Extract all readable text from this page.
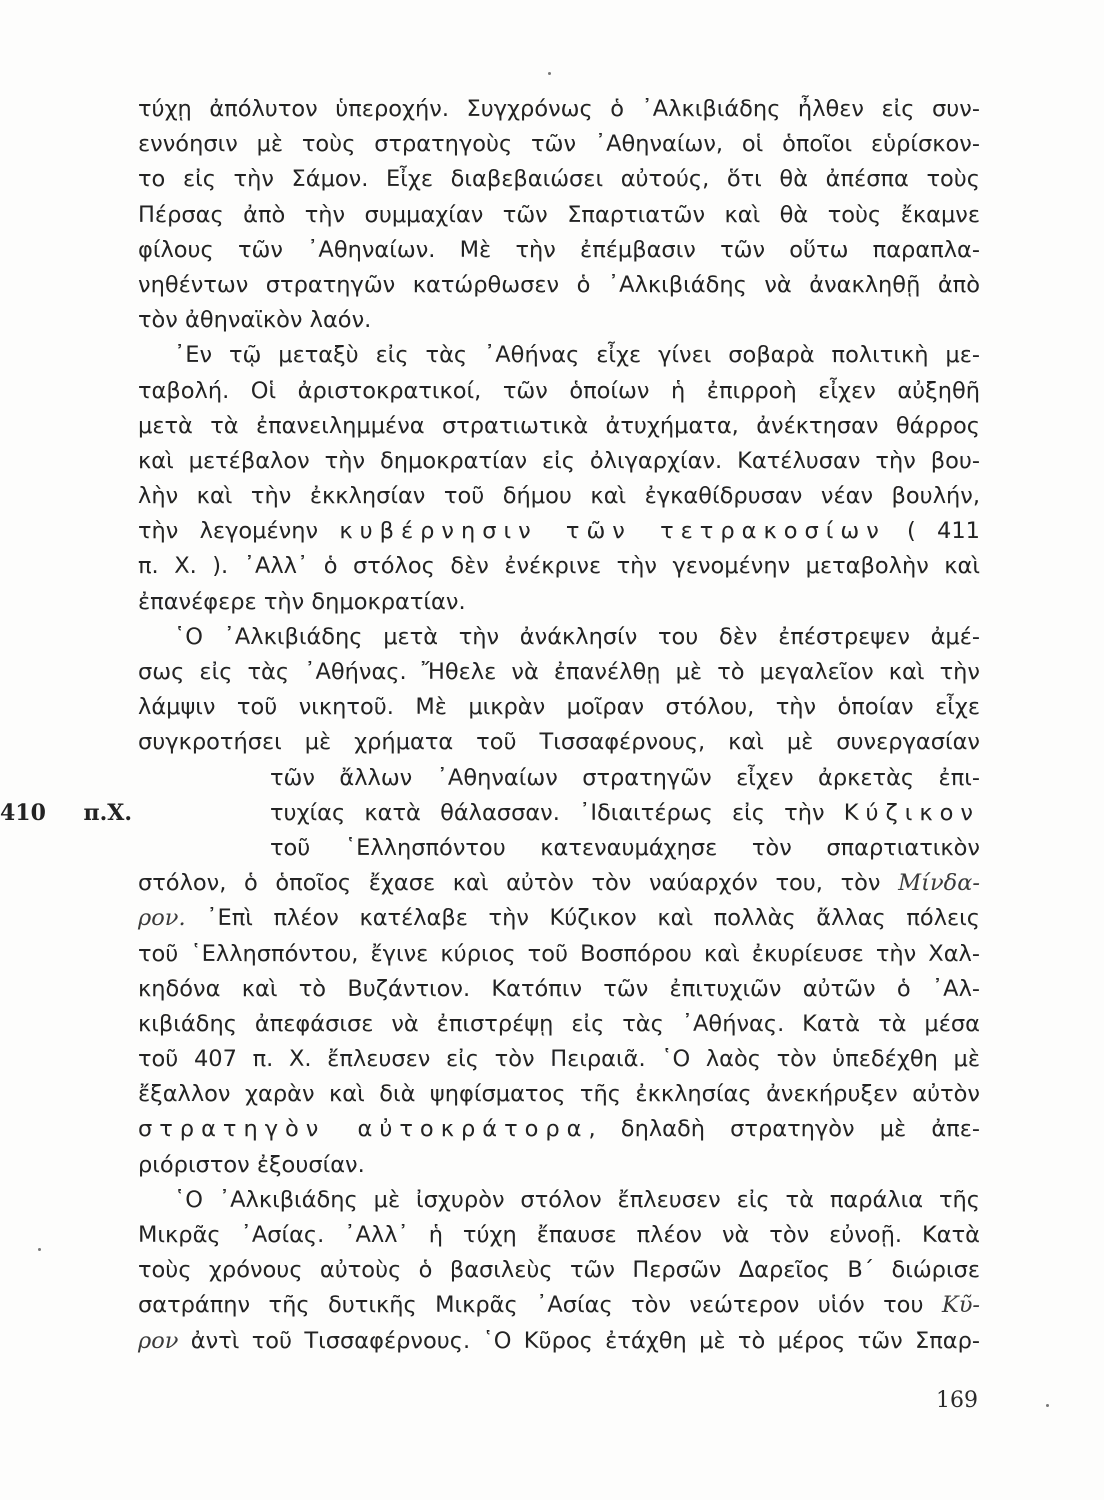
τύχῃ ἀπόλυτον ὑπεροχήν. Συγχρόνως ὁ ᾿Αλκιβιάδης ἦλθεν εἰς συν-
εννόησιν μὲ τοὺς στρατηγοὺς τῶν ᾿Αθηναίων, οἱ ὁποῖοι εὑρίσκον-
το εἰς τὴν Σάμον. Εἶχε διαβεβαιώσει αὐτούς, ὅτι θὰ ἀπέσπα τοὺς
Πέρσας ἀπὸ τὴν συμμαχίαν τῶν Σπαρτιατῶν καὶ θὰ τοὺς ἔκαμνε
φίλους τῶν ᾿Αθηναίων. Μὲ τὴν ἐπέμβασιν τῶν οὕτω παραπλα-
νηθέντων στρατηγῶν κατώρθωσεν ὁ ᾿Αλκιβιάδης νὰ ἀνακληθῇ ἀπὸ
τὸν ἀθηναϊκὸν λαόν.
᾿Εν τῷ μεταξὺ εἰς τὰς ᾿Αθήνας εἶχε γίνει σοβαρὰ πολιτικὴ με-
ταβολή. Οἱ ἀριστοκρατικοί, τῶν ὁποίων ἡ ἐπιρροὴ εἶχεν αὐξηθῆ
μετὰ τὰ ἐπανειλημμένα στρατιωτικὰ ἀτυχήματα, ἀνέκτησαν θάρρος
καὶ μετέβαλον τὴν δημοκρατίαν εἰς ὀλιγαρχίαν. Κατέλυσαν τὴν βου-
λὴν καὶ τὴν ἐκκλησίαν τοῦ δήμου καὶ ἐγκαθίδρυσαν νέαν βουλήν,
τὴν λεγομένην κυβέρνησιν τῶν τετρακοσίων ( 411
π. Χ. ). ᾿Αλλ᾿ ὁ στόλος δὲν ἐνέκρινε τὴν γενομένην μεταβολὴν καὶ
ἐπανέφερε τὴν δημοκρατίαν.
῾Ο ᾿Αλκιβιάδης μετὰ τὴν ἀνάκλησίν του δὲν ἐπέστρεψεν ἀμέ-
σως εἰς τὰς ᾿Αθήνας. Ἤθελε νὰ ἐπανέλθῃ μὲ τὸ μεγαλεῖον καὶ τὴν
λάμψιν τοῦ νικητοῦ. Μὲ μικρὰν μοῖραν στόλου, τὴν ὁποίαν εἶχε
συγκροτήσει μὲ χρήματα τοῦ Τισσαφέρνους, καὶ μὲ συνεργασίαν
τῶν ἄλλων ᾿Αθηναίων στρατηγῶν εἶχεν ἀρκετὰς ἐπι-
410 π.Χ.	τυχίας κατὰ θάλασσαν. ᾿Ιδιαιτέρως εἰς τὴν Κύζικον
τοῦ ῾Ελλησπόντου κατεναυμάχησε τὸν σπαρτιατικὸν
στόλον, ὁ ὁποῖος ἔχασε καὶ αὐτὸν τὸν ναύαρχόν του, τὸν Μίνδα-
ρον. ᾿Επὶ πλέον κατέλαβε τὴν Κύζικον καὶ πολλὰς ἄλλας πόλεις
τοῦ ῾Ελλησπόντου, ἔγινε κύριος τοῦ Βοσπόρου καὶ ἐκυρίευσε τὴν Χαλ-
κηδόνα καὶ τὸ Βυζάντιον. Κατόπιν τῶν ἐπιτυχιῶν αὐτῶν ὁ ᾿Αλ-
κιβιάδης ἀπεφάσισε νὰ ἐπιστρέψῃ εἰς τὰς ᾿Αθήνας. Κατὰ τὰ μέσα
τοῦ 407 π. Χ. ἔπλευσεν εἰς τὸν Πειραιᾶ. ῾Ο λαὸς τὸν ὑπεδέχθη μὲ
ἔξαλλον χαρὰν καὶ διὰ ψηφίσματος τῆς ἐκκλησίας ἀνεκήρυξεν αὐτὸν
στρατηγὸν αὐτοκράτορα, δηλαδὴ στρατηγὸν μὲ ἀπε-
ριόριστον ἐξουσίαν.
῾Ο ᾿Αλκιβιάδης μὲ ἰσχυρὸν στόλον ἔπλευσεν εἰς τὰ παράλια τῆς
Μικρᾶς ᾿Ασίας. ᾿Αλλ᾿ ἡ τύχη ἔπαυσε πλέον νὰ τὸν εὐνοῇ. Κατὰ
τοὺς χρόνους αὐτοὺς ὁ βασιλεὺς τῶν Περσῶν Δαρεῖος Β΄ διώρισε
σατράπην τῆς δυτικῆς Μικρᾶς ᾿Ασίας τὸν νεώτερον υἱόν του Κῦ-
ρον ἀντὶ τοῦ Τισσαφέρνους. ῾Ο Κῦρος ἐτάχθη μὲ τὸ μέρος τῶν Σπαρ-
169
